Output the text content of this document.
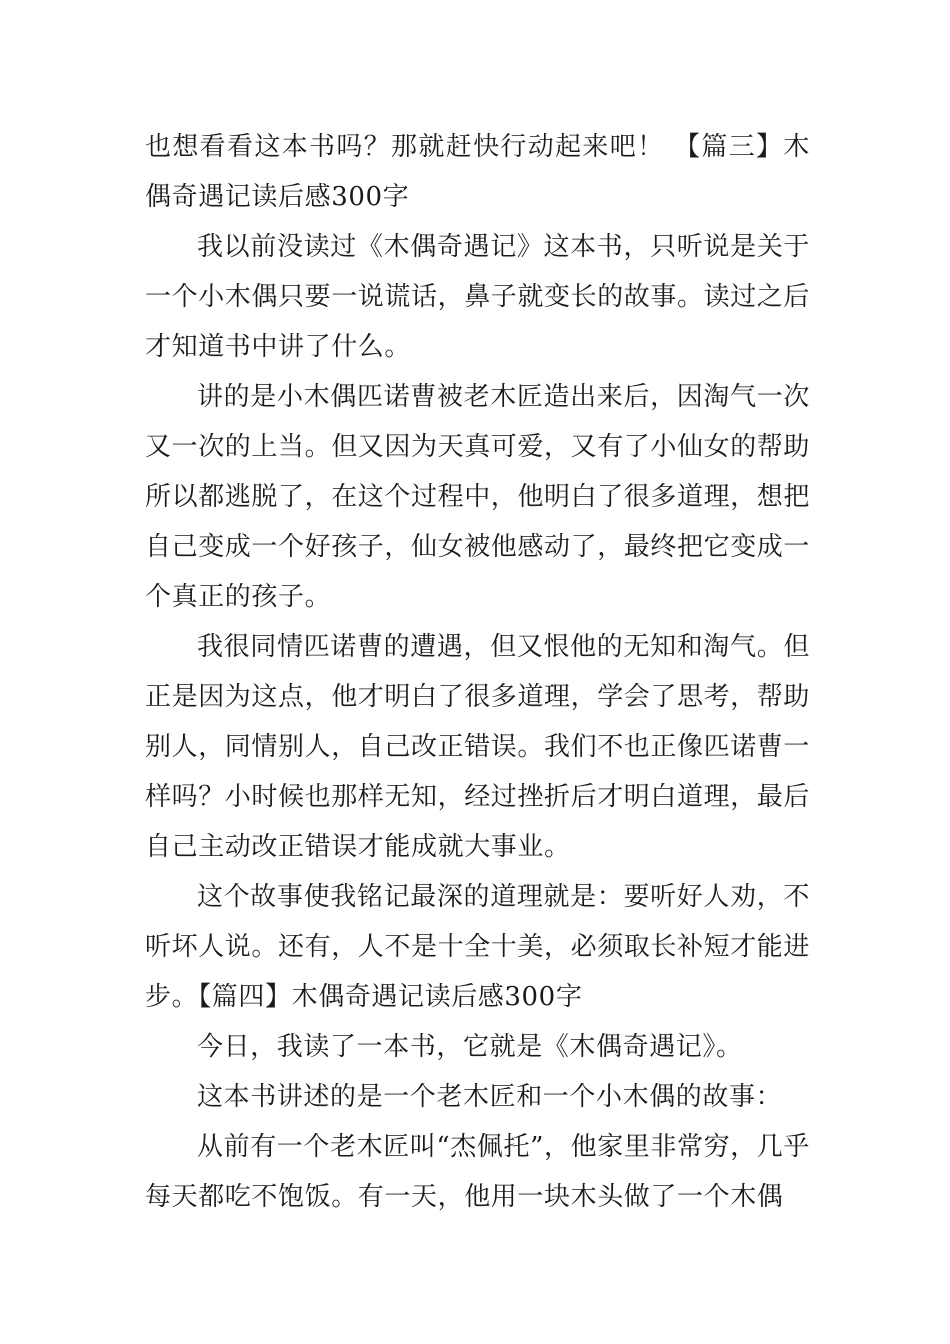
也想看看这本书吗？那就赶快行动起来吧！ 【篇三】木偶奇遇记读后感300字

我以前没读过《木偶奇遇记》这本书，只听说是关于一个小木偶只要一说谎话，鼻子就变长的故事。读过之后才知道书中讲了什么。

讲的是小木偶匹诺曹被老木匠造出来后，因淘气一次又一次的上当。但又因为天真可爱，又有了小仙女的帮助所以都逃脱了，在这个过程中，他明白了很多道理，想把自己变成一个好孩子，仙女被他感动了，最终把它变成一个真正的孩子。

我很同情匹诺曹的遭遇，但又恨他的无知和淘气。但正是因为这点，他才明白了很多道理，学会了思考，帮助别人，同情别人，自己改正错误。我们不也正像匹诺曹一样吗？小时候也那样无知，经过挫折后才明白道理，最后自己主动改正错误才能成就大事业。

这个故事使我铭记最深的道理就是：要听好人劝，不听坏人说。还有，人不是十全十美，必须取长补短才能进步。【篇四】木偶奇遇记读后感300字

今日，我读了一本书，它就是《木偶奇遇记》。

这本书讲述的是一个老木匠和一个小木偶的故事：

从前有一个老木匠叫“杰佩托”，他家里非常穷，几乎每天都吃不饱饭。有一天，他用一块木头做了一个木偶
